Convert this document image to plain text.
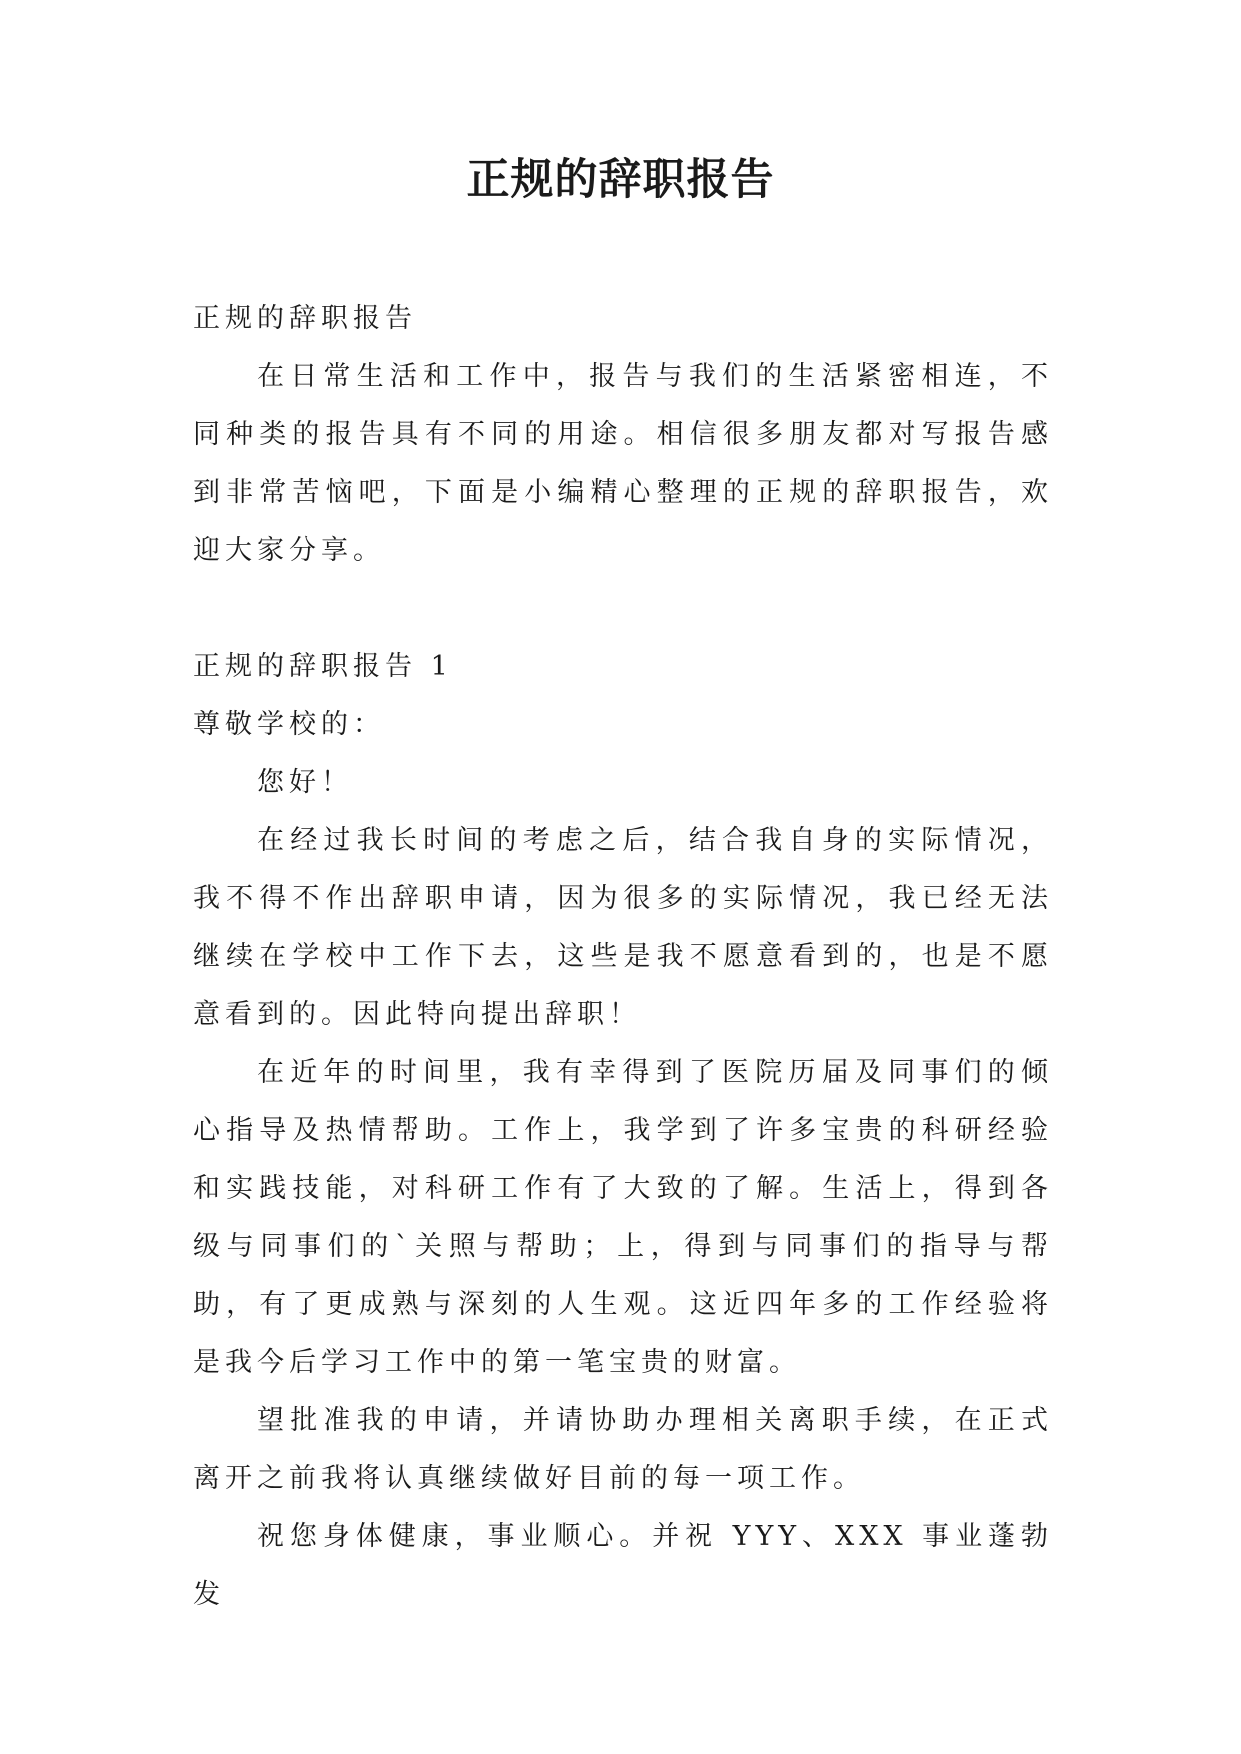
正规的辞职报告

正规的辞职报告

在日常生活和工作中，报告与我们的生活紧密相连，不同种类的报告具有不同的用途。相信很多朋友都对写报告感到非常苦恼吧，下面是小编精心整理的正规的辞职报告，欢迎大家分享。

正规的辞职报告 1

尊敬学校的：

您好！

在经过我长时间的考虑之后，结合我自身的实际情况，我不得不作出辞职申请，因为很多的实际情况，我已经无法继续在学校中工作下去，这些是我不愿意看到的，也是不愿意看到的。因此特向提出辞职！

在近年的时间里，我有幸得到了医院历届及同事们的倾心指导及热情帮助。工作上，我学到了许多宝贵的科研经验和实践技能，对科研工作有了大致的了解。生活上，得到各级与同事们的`关照与帮助；上，得到与同事们的指导与帮助，有了更成熟与深刻的人生观。这近四年多的工作经验将是我今后学习工作中的第一笔宝贵的财富。

望批准我的申请，并请协助办理相关离职手续，在正式离开之前我将认真继续做好目前的每一项工作。

祝您身体健康，事业顺心。并祝 YYY、XXX 事业蓬勃发
